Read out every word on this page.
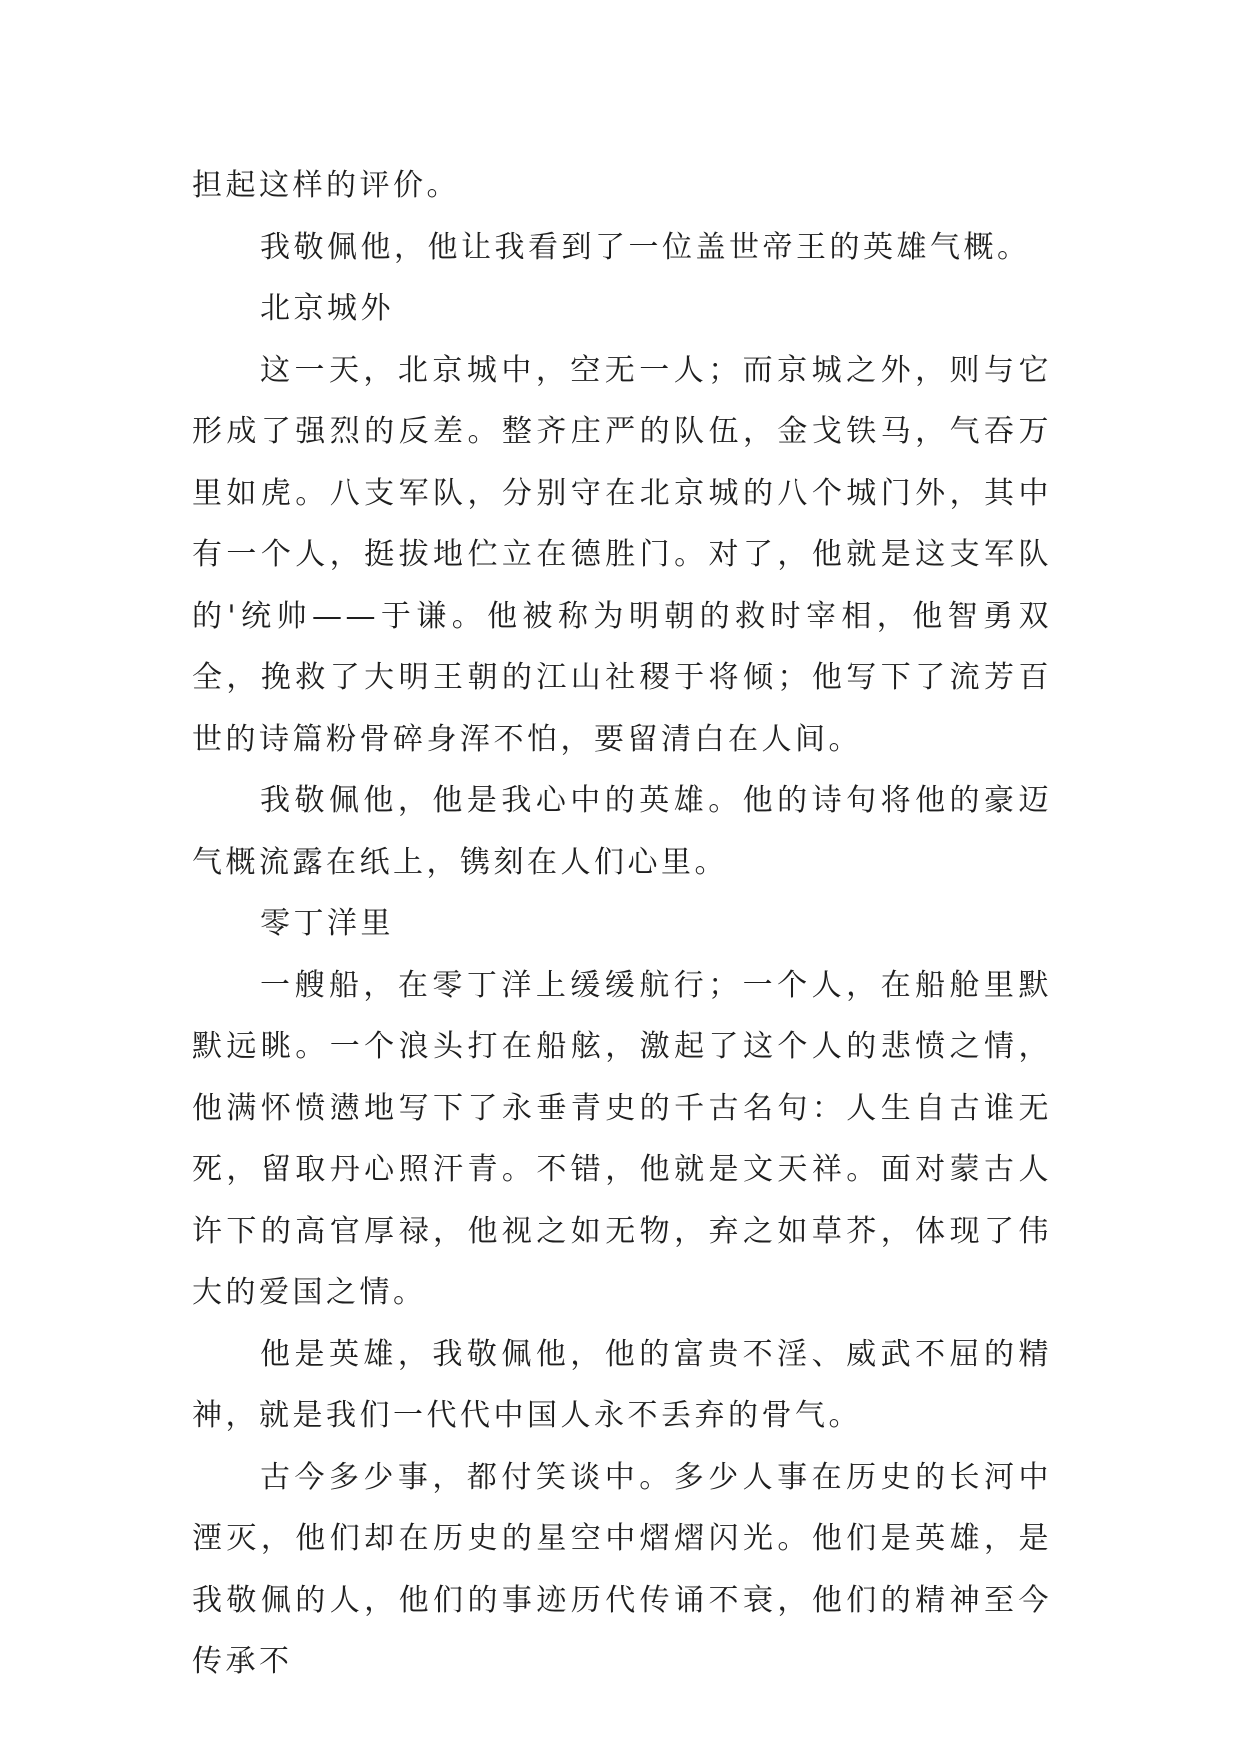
担起这样的评价。

我敬佩他，他让我看到了一位盖世帝王的英雄气概。

北京城外

这一天，北京城中，空无一人；而京城之外，则与它形成了强烈的反差。整齐庄严的队伍，金戈铁马，气吞万里如虎。八支军队，分别守在北京城的八个城门外，其中有一个人，挺拔地伫立在德胜门。对了，他就是这支军队的'统帅——于谦。他被称为明朝的救时宰相，他智勇双全，挽救了大明王朝的江山社稷于将倾；他写下了流芳百世的诗篇粉骨碎身浑不怕，要留清白在人间。

我敬佩他，他是我心中的英雄。他的诗句将他的豪迈气概流露在纸上，镌刻在人们心里。

零丁洋里

一艘船，在零丁洋上缓缓航行；一个人，在船舱里默默远眺。一个浪头打在船舷，激起了这个人的悲愤之情，他满怀愤懑地写下了永垂青史的千古名句：人生自古谁无死，留取丹心照汗青。不错，他就是文天祥。面对蒙古人许下的高官厚禄，他视之如无物，弃之如草芥，体现了伟大的爱国之情。

他是英雄，我敬佩他，他的富贵不淫、威武不屈的精神，就是我们一代代中国人永不丢弃的骨气。

古今多少事，都付笑谈中。多少人事在历史的长河中湮灭，他们却在历史的星空中熠熠闪光。他们是英雄，是我敬佩的人，他们的事迹历代传诵不衰，他们的精神至今传承不
